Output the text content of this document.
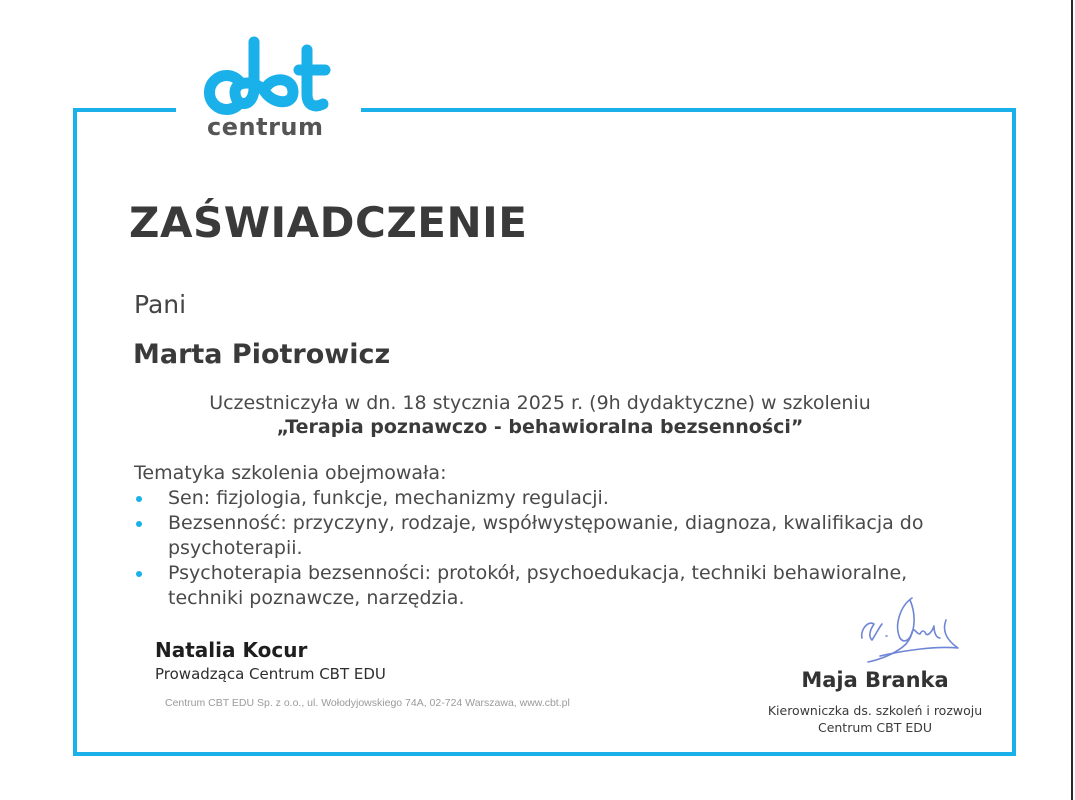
centrum
ZAŚWIADCZENIE
Pani
Marta Piotrowicz
Uczestniczyła w dn. 18 stycznia 2025 r. (9h dydaktyczne) w szkoleniu
„Terapia poznawczo - behawioralna bezsenności”
Tematyka szkolenia obejmowała:
Sen: fizjologia, funkcje, mechanizmy regulacji.
Bezsenność: przyczyny, rodzaje, współwystępowanie, diagnoza, kwalifikacja do psychoterapii.
Psychoterapia bezsenności: protokół, psychoedukacja, techniki behawioralne, techniki poznawcze, narzędzia.
Natalia Kocur
Prowadząca Centrum CBT EDU
Centrum CBT EDU Sp. z o.o., ul. Wołodyjowskiego 74A, 02-724 Warszawa, www.cbt.pl
Maja Branka
Kierowniczka ds. szkoleń i rozwoju
Centrum CBT EDU
